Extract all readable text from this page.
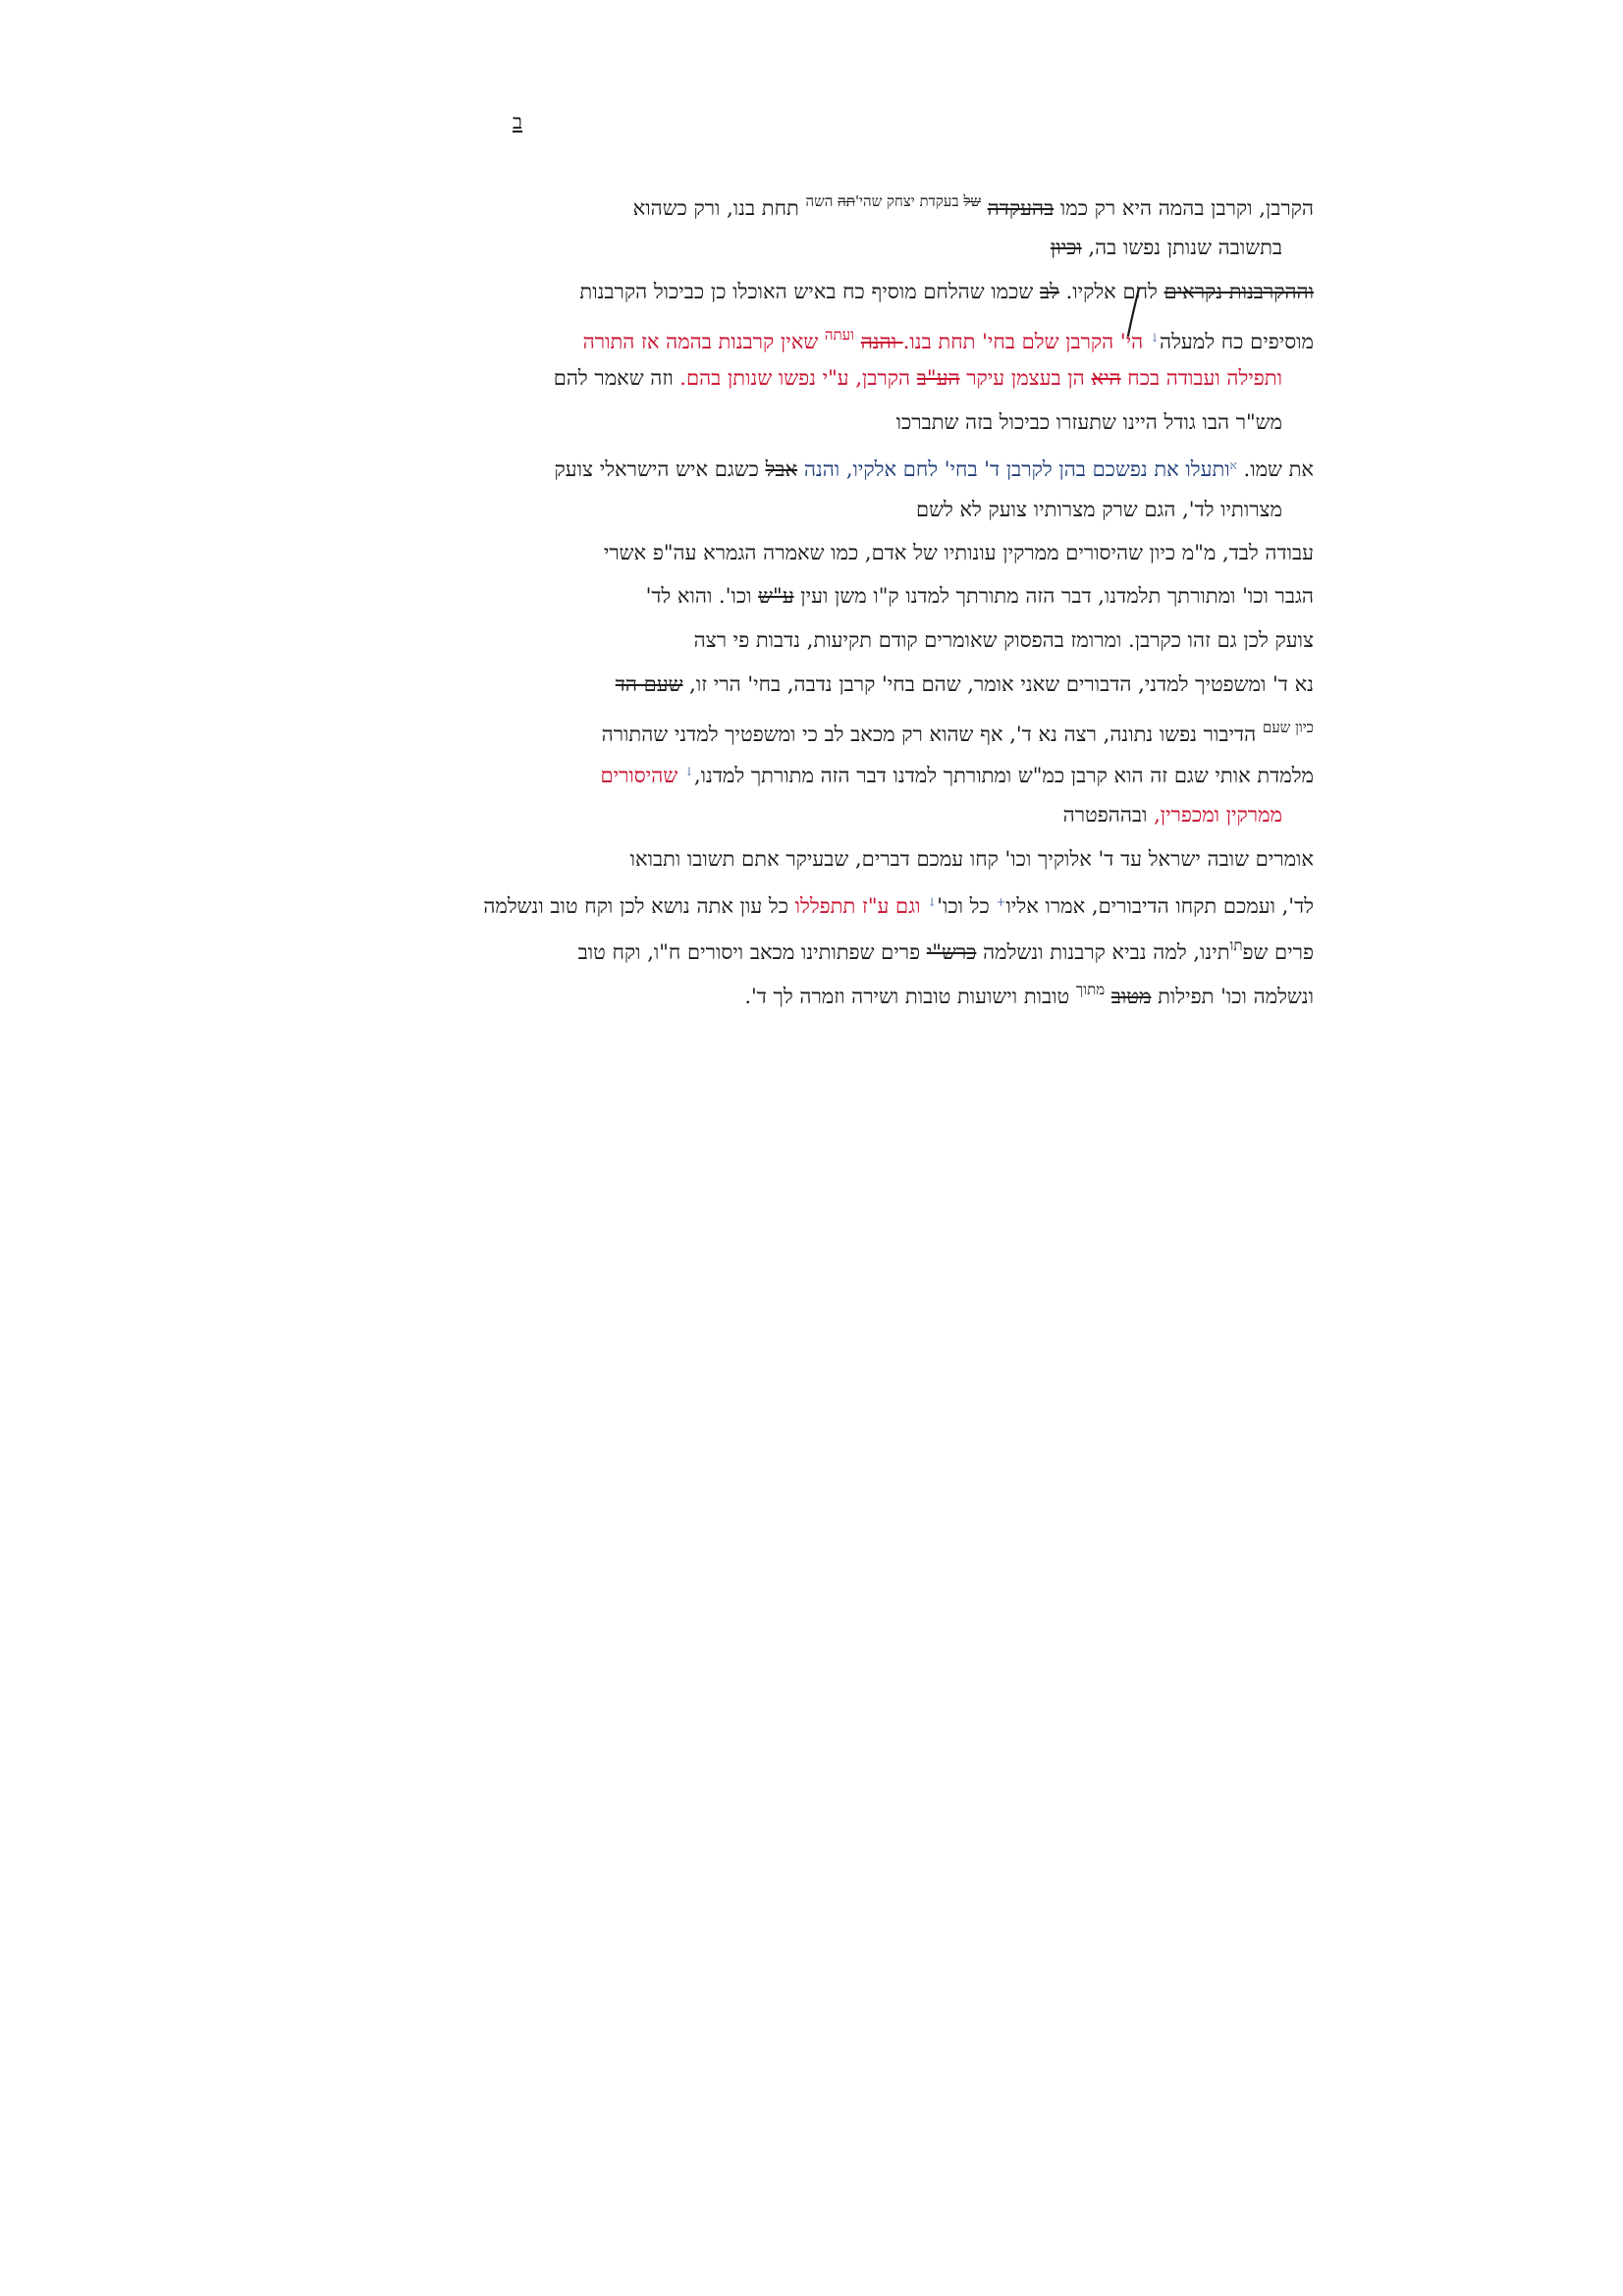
ב
הקרבן, וקרבן בהמה היא רק כמו בהעקדה $^{של}$ $^{בעקדת יצחק שהי'תה}$ $^{השה}$ תחת בנו, ורק כשהוא
בתשובה שנותן נפשו בה, וכיון
וההקרבנות נקראים לחם אלקיו. לב שכמו שהלחם מוסיף כח באיש האוכלו כן כביכול הקרבנות
מוסיפים כח למעלה↓ הי' הקרבן שלם בחי' תחת בנו. והנה $^{ועתה}$ שאין קרבנות בהמה אז התורה
ותפילה ועבודה בכח היא הן בעצמן עיקר הע"ב הקרבן, ע"י נפשו שנותן בהם. וזה שאמר להם
מש"ר הבו גודל היינו שתעזרו כביכול בזה שתברכו
את שמו. $^א$ותעלו את נפשכם בהן לקרבן ד' בחי' לחם אלקיו, והנה אבל כשגם איש הישראלי צועק
מצרותיו לד', הגם שרק מצרותיו צועק לא לשם
עבודה לבד, מ"מ כיון שהיסורים ממרקין עונותיו של אדם, כמו שאמרה הגמרא עה"פ אשרי
הגבר וכו' ומתורתך תלמדנו, דבר הזה מתורתך למדנו ק"ו משן ועין ע"ש וכו'. והוא לד'
צועק לכן גם זהו כקרבן. ומרומז בהפסוק שאומרים קודם תקיעות, נדבות פי רצה
נא ד' ומשפטיך למדני, הדבורים שאני אומר, שהם בחי' קרבן נדבה, בחי' הרי זו, שעם הד
$^{כיון שעם}$ הדיבור נפשו נתונה, רצה נא ד', אף שהוא רק מכאב לב כי ומשפטיך למדני שהתורה
מלמדת אותי שגם זה הוא קרבן כמ"ש ומתורתך למדנו דבר הזה מתורתך למדנו,↓ שהיסורים
ממרקין ומכפרין, ובההפטרה
אומרים שובה ישראל עד ד' אלוקיך וכו' קחו עמכם דברים, שבעיקר אתם תשובו ותבואו
לד', ועמכם תקחו הדיבורים, אמרו אליו+ כל וכו'↓ וגם ע"ז תתפללו כל עון אתה נושא לכן וקח טוב ונשלמה
פרים שפ$^{תו}$תינו, למה נביא קרבנות ונשלמה כרש"י פרים שפתותינו מכאב ויסורים ח"ו, וקח טוב
ונשלמה וכו' תפילות מטוב $^{מתוך}$ טובות וישועות טובות ושירה וזמרה לך ד'.
